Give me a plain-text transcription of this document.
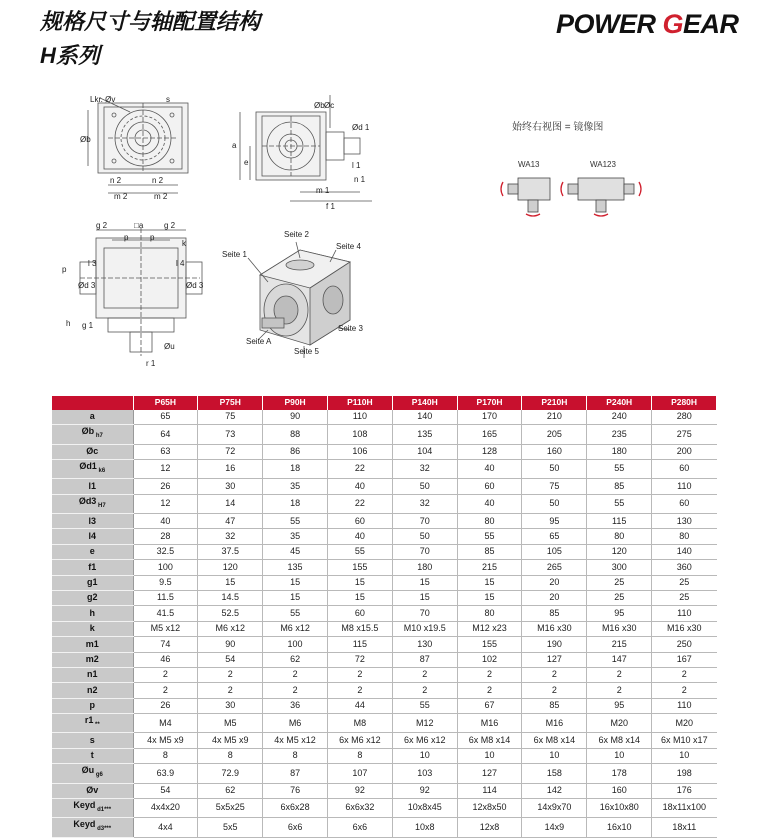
规格尺寸与轴配置结构
H系列
POWER GEAR
Lkr. Øv	s
Øb
n 2	n 2
m 2	m 2
a
e
Øb Øc
Ød 1
l 1
n 1
m 1
f 1
g 2	□a	g 2
p	p
k
l 3	l 4
p
Ød 3	Ød 3
g 1
h
Øu
r 1
Seite 1
Seite 2
Seite 4
Seite 3
Seite A
Seite 5
始终右视图 = 镜像图
WA13	WA123
	P65H	P75H	P90H	P110H	P140H	P170H	P210H	P240H	P280H
a	65	75	90	110	140	170	210	240	280
Øb $_{h7}$	64	73	88	108	135	165	205	235	275
Øc	63	72	86	106	104	128	160	180	200
Ød1 $_{k6}$	12	16	18	22	32	40	50	55	60
l1	26	30	35	40	50	60	75	85	110
Ød3 $_{H7}$	12	14	18	22	32	40	50	55	60
l3	40	47	55	60	70	80	95	115	130
l4	28	32	35	40	50	55	65	80	80
e	32.5	37.5	45	55	70	85	105	120	140
f1	100	120	135	155	180	215	265	300	360
g1	9.5	15	15	15	15	15	20	25	25
g2	11.5	14.5	15	15	15	15	20	25	25
h	41.5	52.5	55	60	70	80	85	95	110
k	M5 x12	M6 x12	M6 x12	M8 x15.5	M10 x19.5	M12 x23	M16 x30	M16 x30	M16 x30
m1	74	90	100	115	130	155	190	215	250
m2	46	54	62	72	87	102	127	147	167
n1	2	2	2	2	2	2	2	2	2
n2	2	2	2	2	2	2	2	2	2
p	26	30	36	44	55	67	85	95	110
r1 $_{**}$	M4	M5	M6	M8	M12	M16	M16	M20	M20
s	4x M5 x9	4x M5 x9	4x M5 x12	6x M6 x12	6x M6 x12	6x M8 x14	6x M8 x14	6x M8 x14	6x M10 x17
t	8	8	8	8	10	10	10	10	10
Øu $_{g6}$	63.9	72.9	87	107	103	127	158	178	198
Øv	54	62	76	92	92	114	142	160	176
Keyd $_{d1***}$	4x4x20	5x5x25	6x6x28	6x6x32	10x8x45	12x8x50	14x9x70	16x10x80	18x11x100
Keyd $_{d3***}$	4x4	5x5	6x6	6x6	10x8	12x8	14x9	16x10	18x11
